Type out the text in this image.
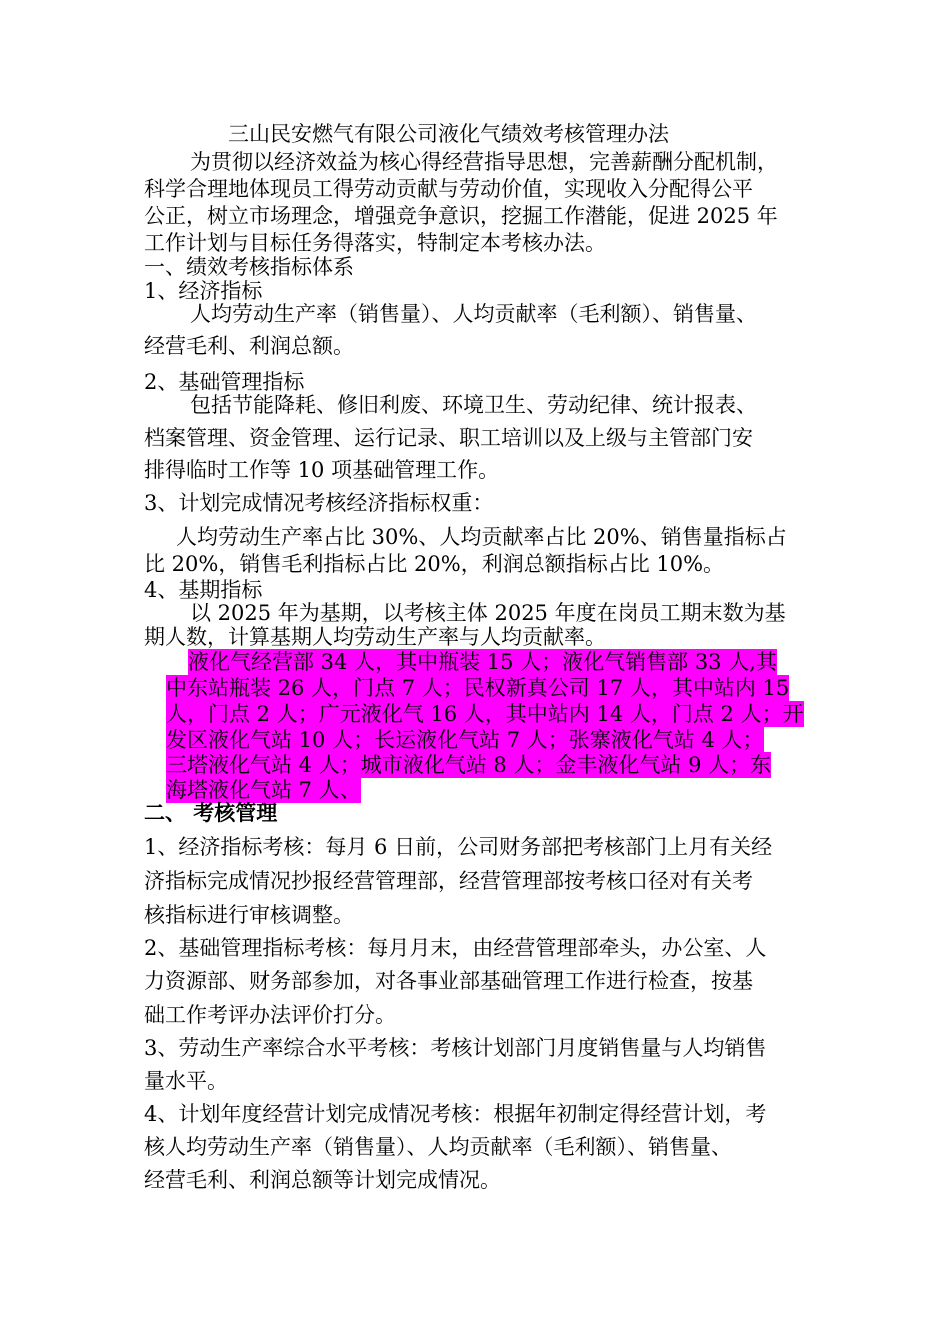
三山民安燃气有限公司液化气绩效考核管理办法
为贯彻以经济效益为核心得经营指导思想，完善薪酬分配机制，
科学合理地体现员工得劳动贡献与劳动价值，实现收入分配得公平
公正，树立市场理念，增强竞争意识，挖掘工作潜能，促进 2025 年
工作计划与目标任务得落实，特制定本考核办法。
一、绩效考核指标体系
1、经济指标
人均劳动生产率（销售量）、人均贡献率（毛利额）、销售量、
经营毛利、利润总额。
2、基础管理指标
包括节能降耗、修旧利废、环境卫生、劳动纪律、统计报表、
档案管理、资金管理、运行记录、职工培训以及上级与主管部门安
排得临时工作等 10 项基础管理工作。
3、计划完成情况考核经济指标权重：
人均劳动生产率占比 30%、人均贡献率占比 20%、销售量指标占
比 20%，销售毛利指标占比 20%，利润总额指标占比 10%。
4、基期指标
以 2025 年为基期，以考核主体 2025 年度在岗员工期末数为基
期人数，计算基期人均劳动生产率与人均贡献率。
液化气经营部 34 人，其中瓶装 15 人；液化气销售部 33 人,其
中东站瓶装 26 人，门点 7 人；民权新真公司 17 人，其中站内 15
人，门点 2 人；广元液化气 16 人，其中站内 14 人，门点 2 人；开
发区液化气站 10 人；长运液化气站 7 人；张寨液化气站 4 人；
三塔液化气站 4 人；城市液化气站 8 人；金丰液化气站 9 人；东
海塔液化气站 7 人、
二、 考核管理
1、经济指标考核：每月 6 日前，公司财务部把考核部门上月有关经
济指标完成情况抄报经营管理部，经营管理部按考核口径对有关考
核指标进行审核调整。
2、基础管理指标考核：每月月末，由经营管理部牵头，办公室、人
力资源部、财务部参加，对各事业部基础管理工作进行检查，按基
础工作考评办法评价打分。
3、劳动生产率综合水平考核：考核计划部门月度销售量与人均销售
量水平。
4、计划年度经营计划完成情况考核：根据年初制定得经营计划，考
核人均劳动生产率（销售量）、人均贡献率（毛利额）、销售量、
经营毛利、利润总额等计划完成情况。
